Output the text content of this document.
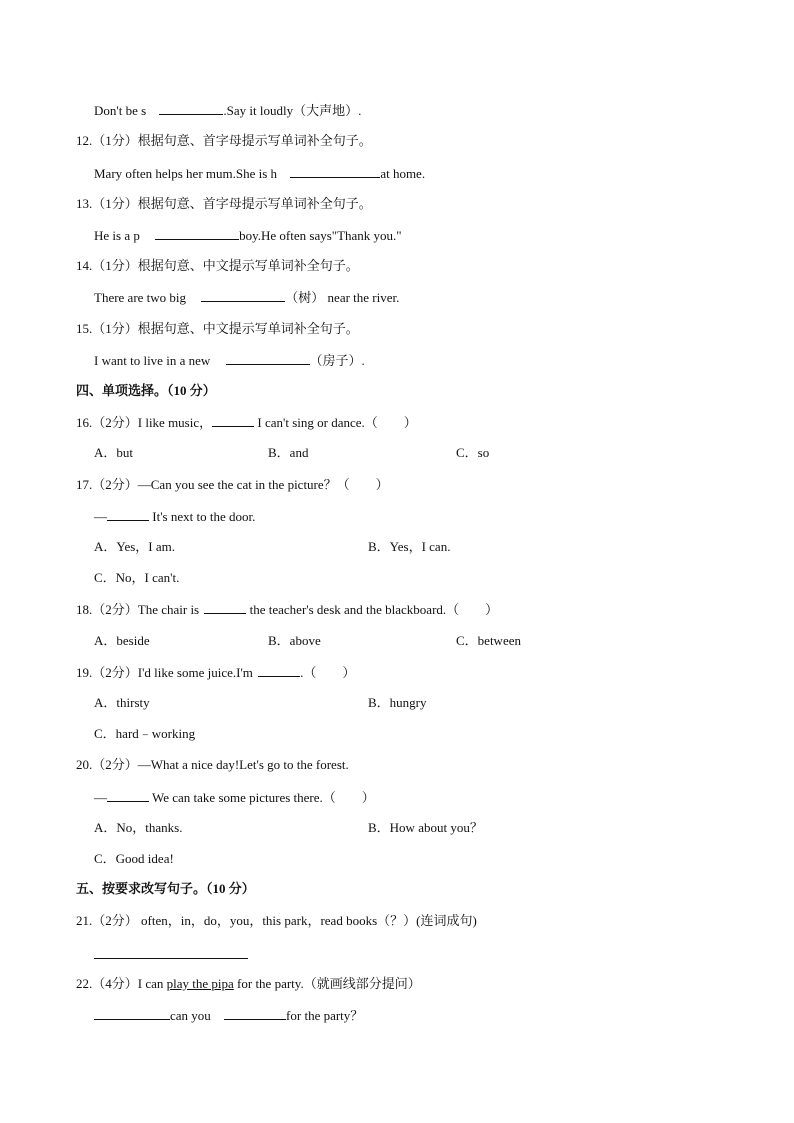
Don't be s	.Say it loudly（大声地）.
12.（1分）根据句意、首字母提示写单词补全句子。
Mary often helps her mum.She is h	at home.
13.（1分）根据句意、首字母提示写单词补全句子。
He is a p	boy.He often says"Thank you."
14.（1分）根据句意、中文提示写单词补全句子。
There are two big	（树） near the river.
15.（1分）根据句意、中文提示写单词补全句子。
I want to live in a new	（房子）.
四、单项选择。（10 分）
16.（2分）I like music，	I can't sing or dance.（　　）
A．but	B．and	C．so
17.（2分）—Can you see the cat in the picture？（　　）
—	It's next to the door.
A．Yes，I am.	B．Yes，I can.
C．No，I can't.
18.（2分）The chair is	the teacher's desk and the blackboard.（　　）
A．beside	B．above	C．between
19.（2分）I'd like some juice.I'm	.（　　）
A．thirsty	B．hungry
C．hard﹣working
20.（2分）—What a nice day!Let's go to the forest.
—	We can take some pictures there.（　　）
A．No，thanks.	B．How about you？
C．Good idea!
五、按要求改写句子。（10 分）
21.（2分） often，in，do，you，this park，read books（？）(连词成句)
22.（4分）I can play the pipa for the party.（就画线部分提问）
can you	for the party？
